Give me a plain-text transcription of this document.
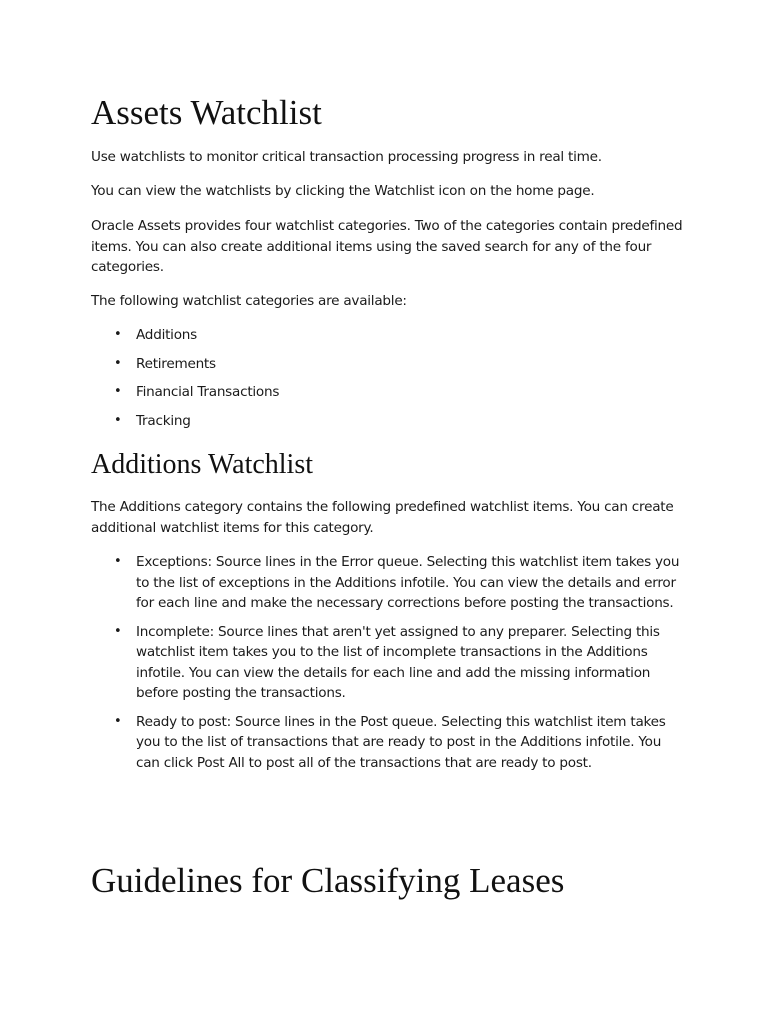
Assets Watchlist

Use watchlists to monitor critical transaction processing progress in real time.

You can view the watchlists by clicking the Watchlist icon on the home page.

Oracle Assets provides four watchlist categories. Two of the categories contain predefined items. You can also create additional items using the saved search for any of the four categories.

The following watchlist categories are available:

• Additions
• Retirements
• Financial Transactions
• Tracking
Additions Watchlist

The Additions category contains the following predefined watchlist items. You can create additional watchlist items for this category.

• Exceptions: Source lines in the Error queue. Selecting this watchlist item takes you to the list of exceptions in the Additions infotile. You can view the details and error for each line and make the necessary corrections before posting the transactions.
• Incomplete: Source lines that aren't yet assigned to any preparer. Selecting this watchlist item takes you to the list of incomplete transactions in the Additions infotile. You can view the details for each line and add the missing information before posting the transactions.
• Ready to post: Source lines in the Post queue. Selecting this watchlist item takes you to the list of transactions that are ready to post in the Additions infotile. You can click Post All to post all of the transactions that are ready to post.
Guidelines for Classifying Leases
